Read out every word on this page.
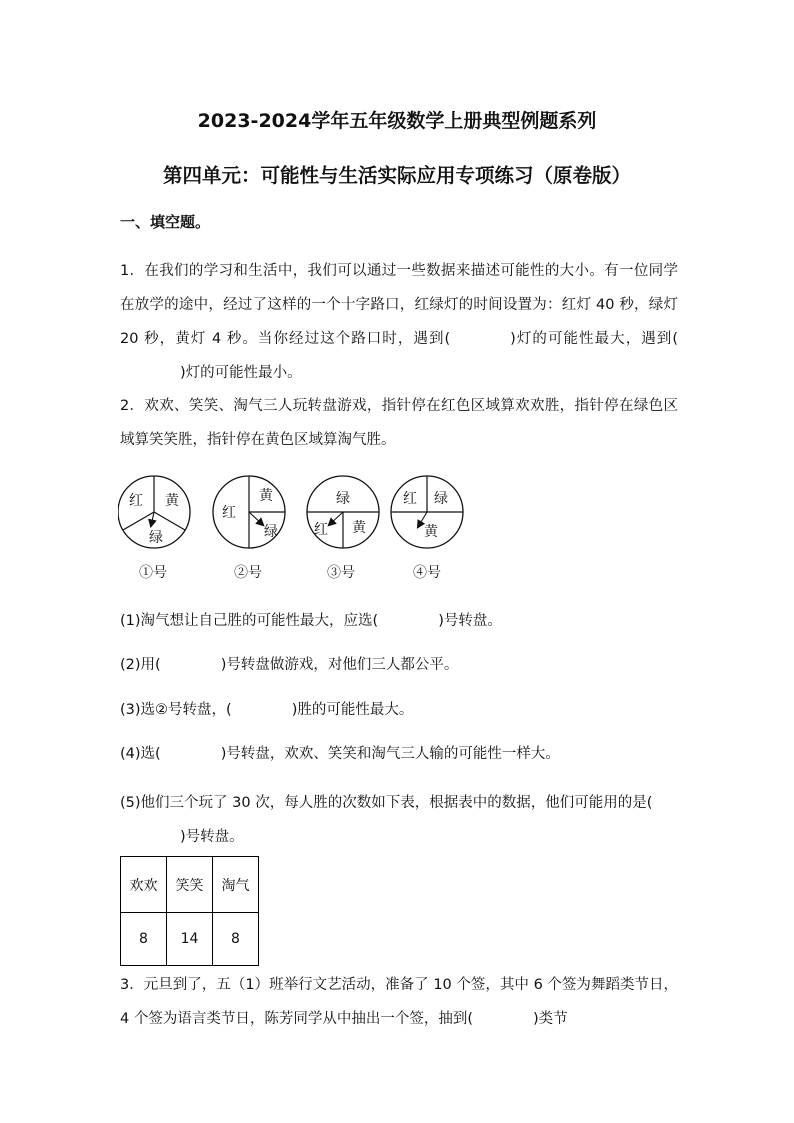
2023-2024学年五年级数学上册典型例题系列
第四单元：可能性与生活实际应用专项练习（原卷版）
一、填空题。
1．在我们的学习和生活中，我们可以通过一些数据来描述可能性的大小。有一位同学在放学的途中，经过了这样的一个十字路口，红绿灯的时间设置为：红灯 40 秒，绿灯 20 秒，黄灯 4 秒。当你经过这个路口时，遇到(	)灯的可能性最大，遇到()灯的可能性最小。
2．欢欢、笑笑、淘气三人玩转盘游戏，指针停在红色区域算欢欢胜，指针停在绿色区域算笑笑胜，指针停在黄色区域算淘气胜。
红 黄
绿
黄
红
绿
绿
红 黄
红 绿
黄
①号	②号	③号	④号
(1)淘气想让自己胜的可能性最大，应选(	)号转盘。
(2)用(	)号转盘做游戏，对他们三人都公平。
(3)选②号转盘，(	)胜的可能性最大。
(4)选(	)号转盘，欢欢、笑笑和淘气三人输的可能性一样大。
(5)他们三个玩了 30 次，每人胜的次数如下表，根据表中的数据，他们可能用的是()号转盘。
欢欢	笑笑	淘气
8	14	8
3．元旦到了，五（1）班举行文艺活动，准备了 10 个签，其中 6 个签为舞蹈类节日，4 个签为语言类节日，陈芳同学从中抽出一个签，抽到(	)类节
